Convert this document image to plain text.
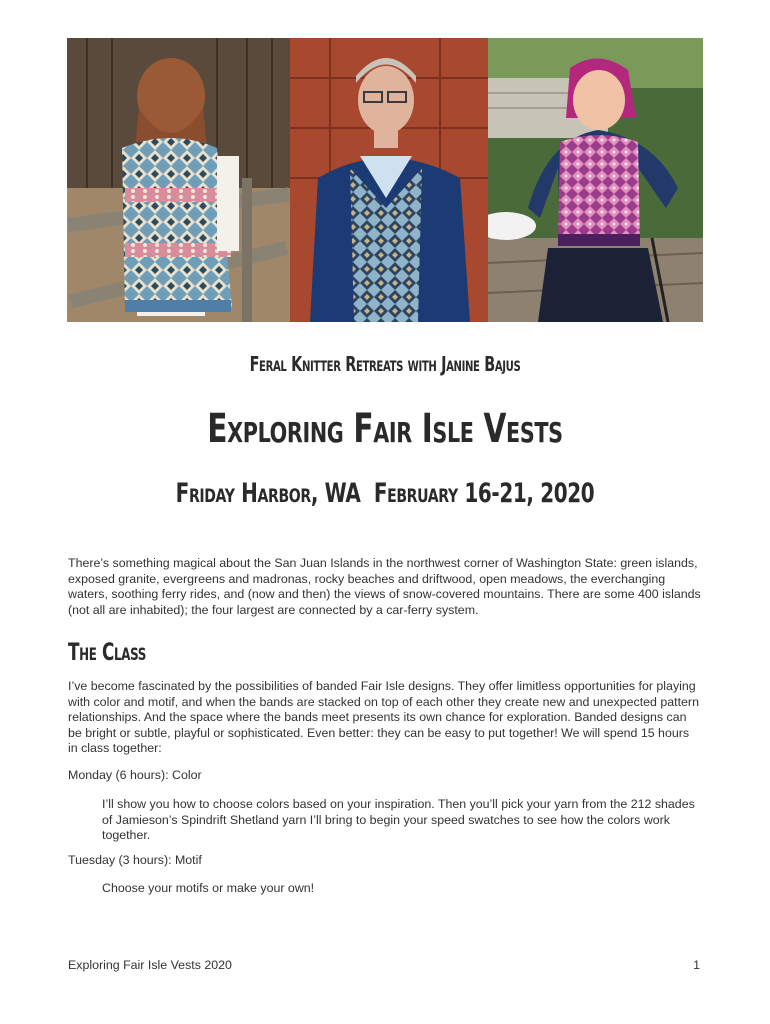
Feral Knitter Retreats with Janine Bajus
Exploring Fair Isle Vests
Friday Harbor, WA February 16-21, 2020
There’s something magical about the San Juan Islands in the northwest corner of Washington State: green islands, exposed granite, evergreens and madronas, rocky beaches and driftwood, open meadows, the everchanging waters, soothing ferry rides, and (now and then) the views of snow-covered mountains. There are some 400 islands (not all are inhabited); the four largest are connected by a car-ferry system.
The Class
I’ve become fascinated by the possibilities of banded Fair Isle designs. They offer limitless opportunities for playing with color and motif, and when the bands are stacked on top of each other they create new and unexpected pattern relationships. And the space where the bands meet presents its own chance for exploration. Banded designs can be bright or subtle, playful or sophisticated. Even better: they can be easy to put together! We will spend 15 hours in class together:
Monday (6 hours): Color
I’ll show you how to choose colors based on your inspiration. Then you’ll pick your yarn from the 212 shades of Jamieson’s Spindrift Shetland yarn I’ll bring to begin your speed swatches to see how the colors work together.
Tuesday (3 hours): Motif
Choose your motifs or make your own!
Exploring Fair Isle Vests 2020	1
